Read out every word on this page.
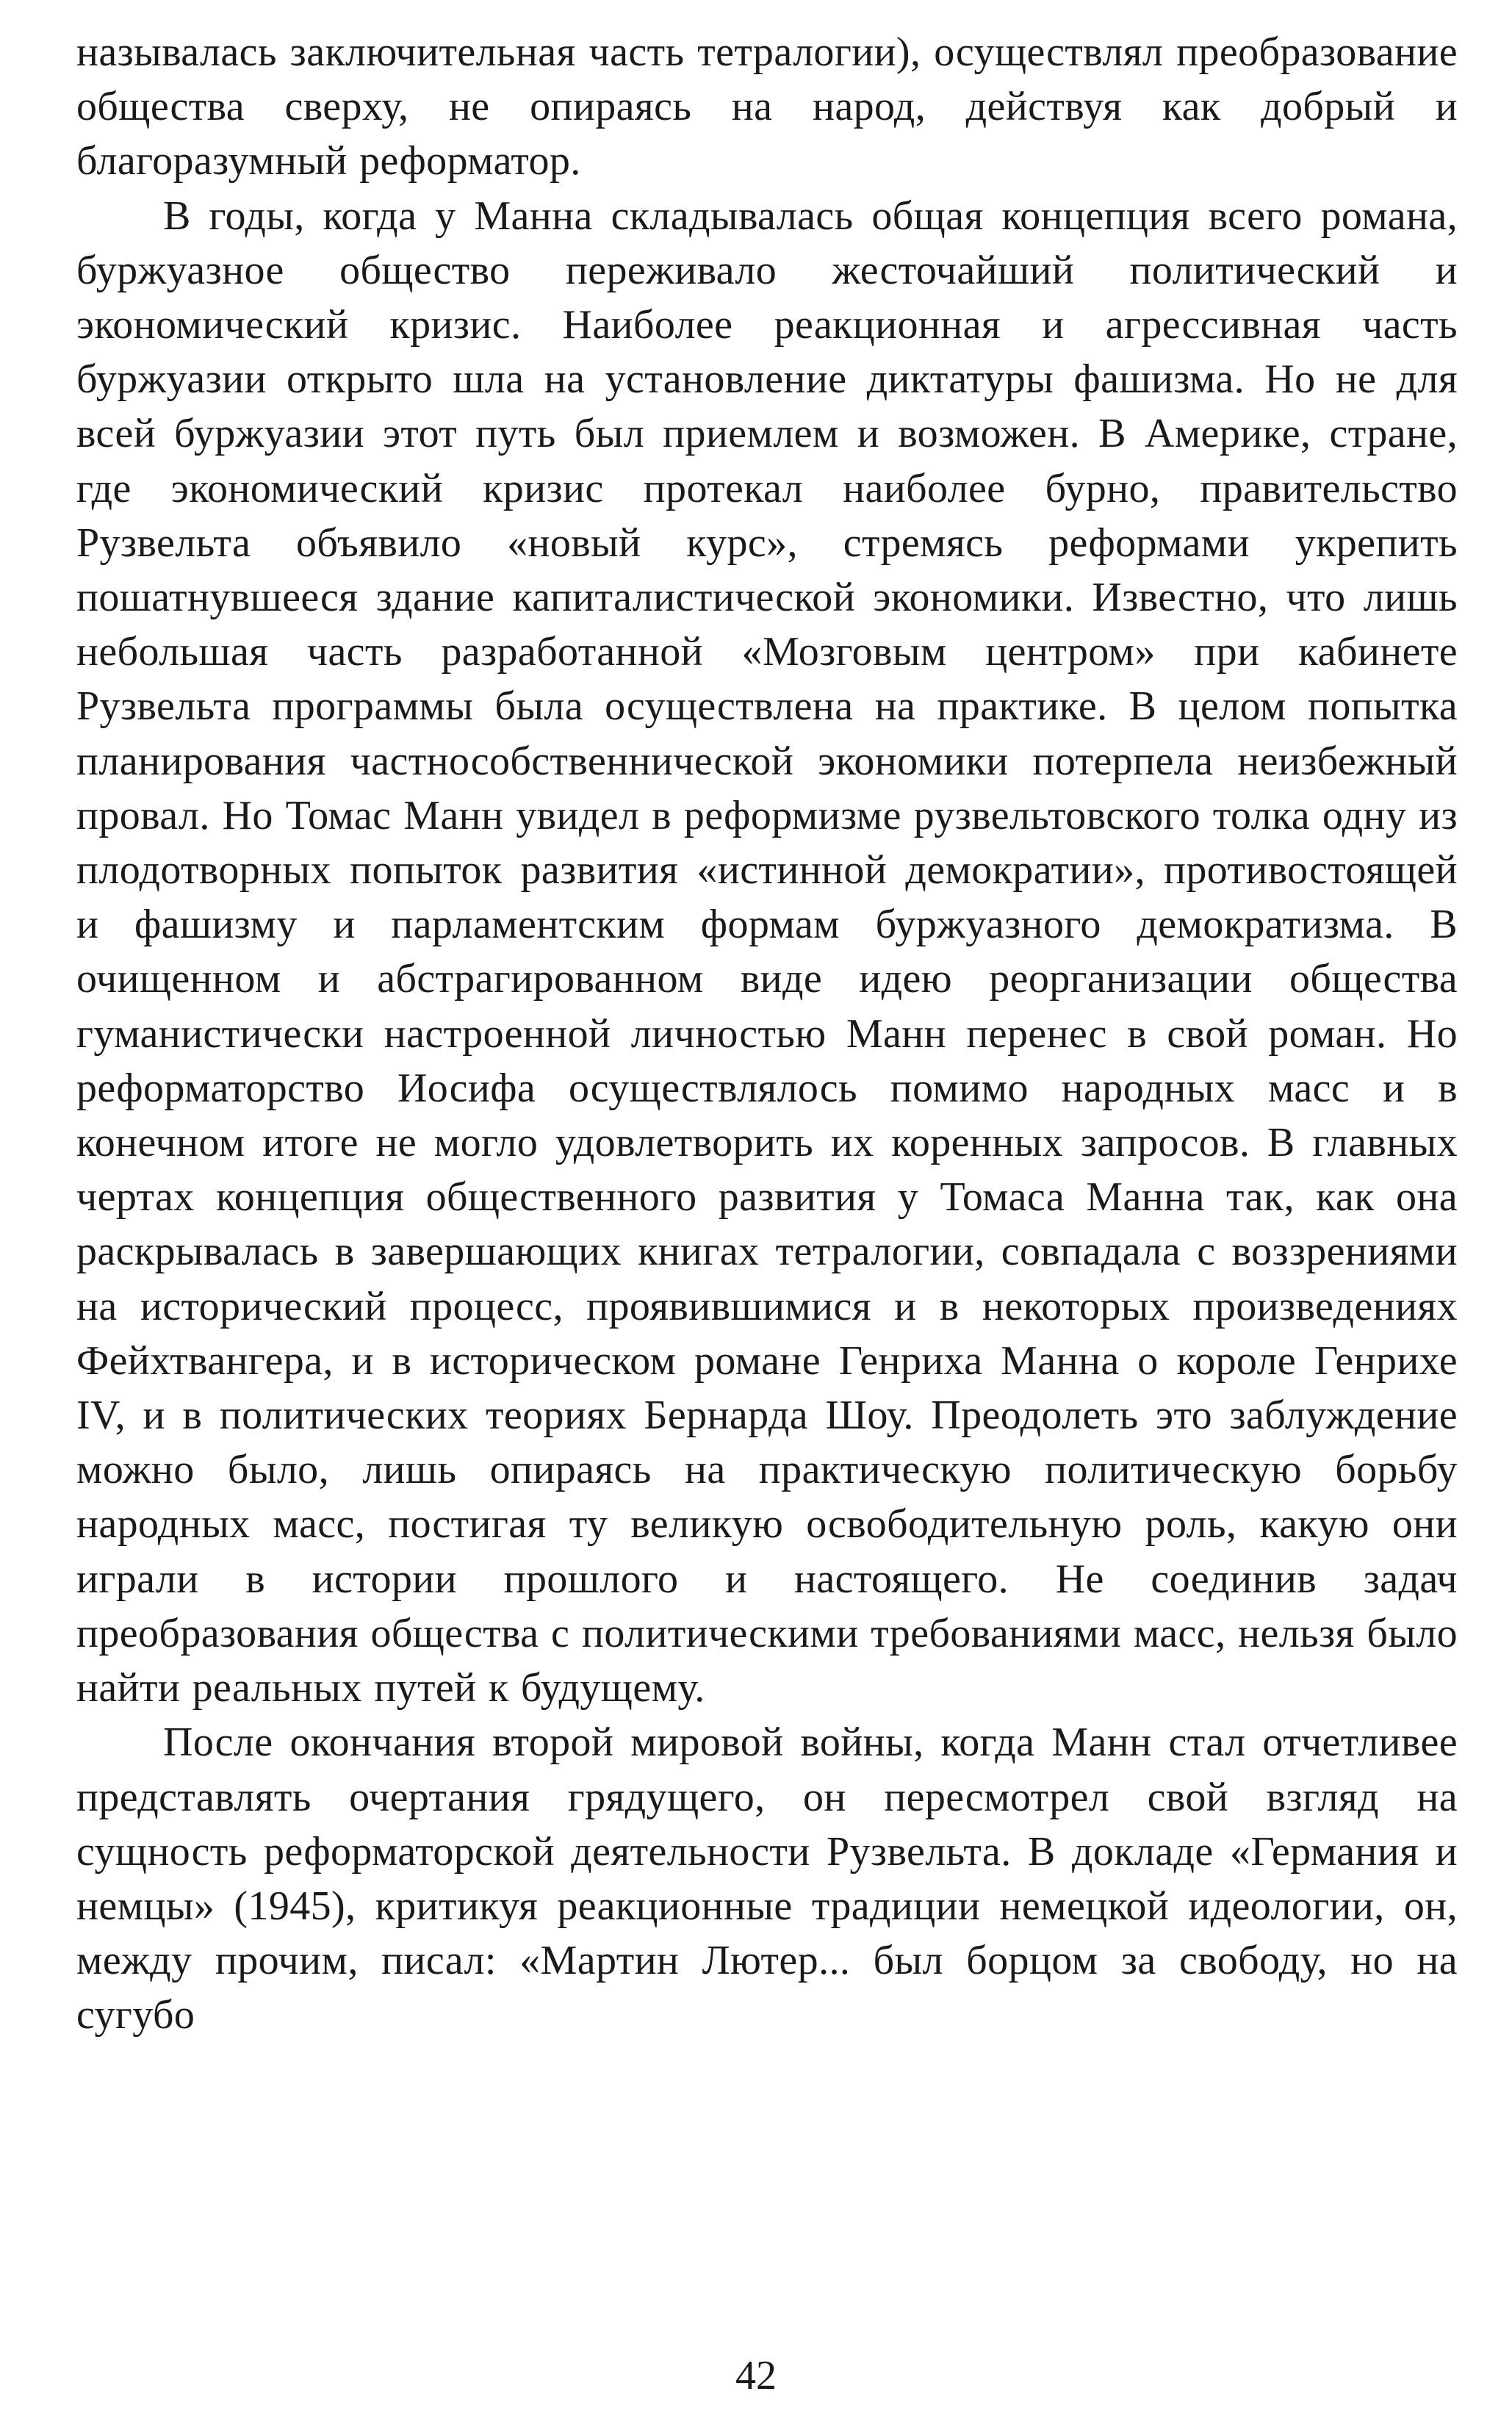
называлась заключительная часть тетралогии), осуществлял преобразование общества сверху, не опираясь на народ, действуя как добрый и благоразумный реформатор.

В годы, когда у Манна складывалась общая концепция всего романа, буржуазное общество переживало жесточайший политический и экономический кризис. Наиболее реакционная и агрессивная часть буржуазии открыто шла на установление диктатуры фашизма. Но не для всей буржуазии этот путь был приемлем и возможен. В Америке, стране, где экономический кризис протекал наиболее бурно, правительство Рузвельта объявило «новый курс», стремясь реформами укрепить пошатнувшееся здание капиталистической экономики. Известно, что лишь небольшая часть разработанной «Мозговым центром» при кабинете Рузвельта программы была осуществлена на практике. В целом попытка планирования частнособственнической экономики потерпела неизбежный провал. Но Томас Манн увидел в реформизме рузвельтовского толка одну из плодотворных попыток развития «истинной демократии», противостоящей и фашизму и парламентским формам буржуазного демократизма. В очищенном и абстрагированном виде идею реорганизации общества гуманистически настроенной личностью Манн перенес в свой роман. Но реформаторство Иосифа осуществлялось помимо народных масс и в конечном итоге не могло удовлетворить их коренных запросов. В главных чертах концепция общественного развития у Томаса Манна так, как она раскрывалась в завершающих книгах тетралогии, совпадала с воззрениями на исторический процесс, проявившимися и в некоторых произведениях Фейхтвангера, и в историческом романе Генриха Манна о короле Генрихе IV, и в политических теориях Бернарда Шоу. Преодолеть это заблуждение можно было, лишь опираясь на практическую политическую борьбу народных масс, постигая ту великую освободительную роль, какую они играли в истории прошлого и настоящего. Не соединив задач преобразования общества с политическими требованиями масс, нельзя было найти реальных путей к будущему.

После окончания второй мировой войны, когда Манн стал отчетливее представлять очертания грядущего, он пересмотрел свой взгляд на сущность реформаторской деятельности Рузвельта. В докладе «Германия и немцы» (1945), критикуя реакционные традиции немецкой идеологии, он, между прочим, писал: «Мартин Лютер... был борцом за свободу, но на сугубо

42
